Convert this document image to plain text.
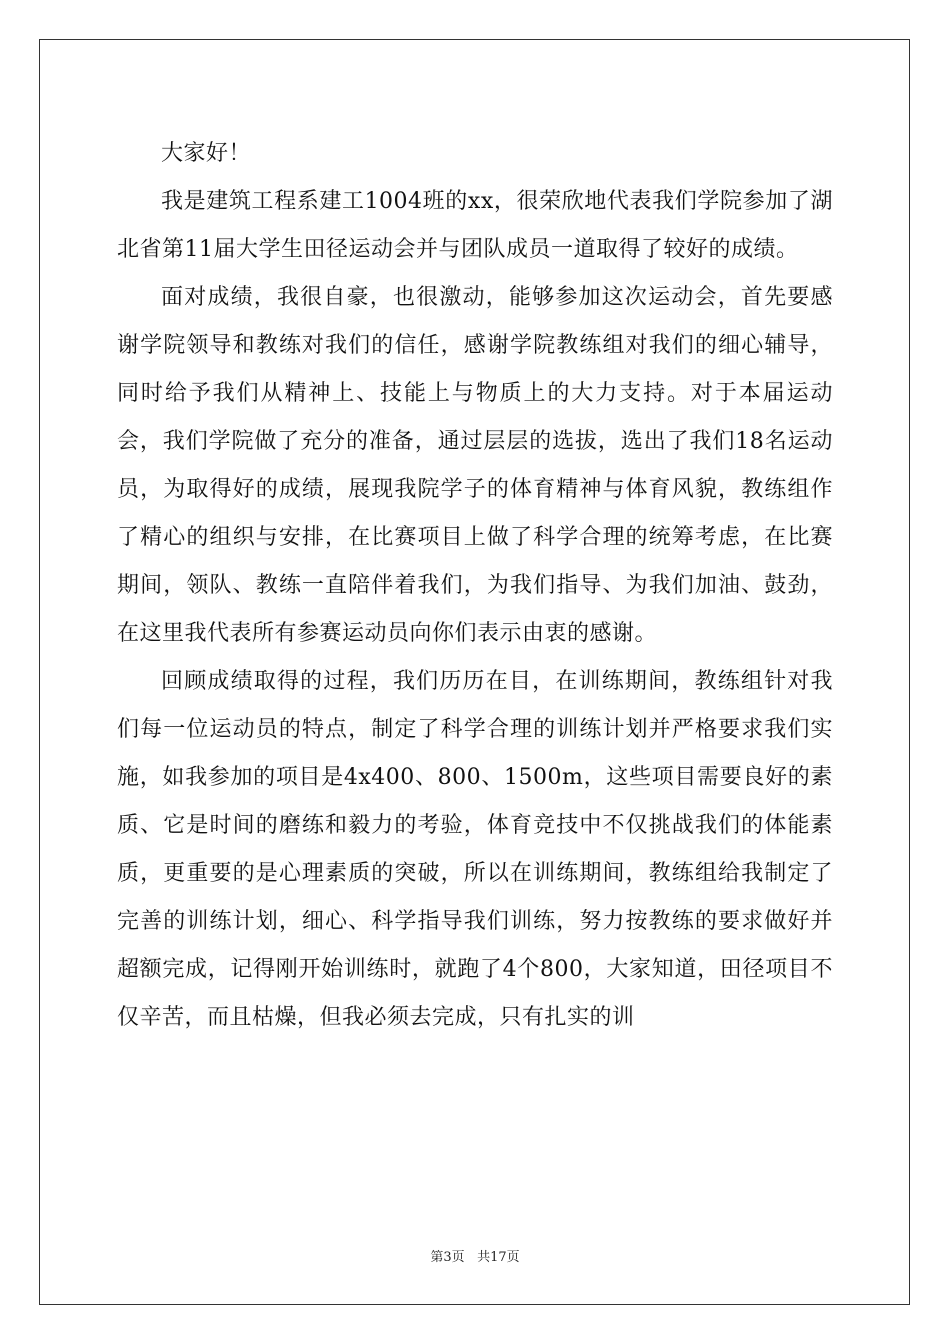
大家好！

我是建筑工程系建工1004班的xx，很荣欣地代表我们学院参加了湖北省第11届大学生田径运动会并与团队成员一道取得了较好的成绩。

面对成绩，我很自豪，也很激动，能够参加这次运动会，首先要感谢学院领导和教练对我们的信任，感谢学院教练组对我们的细心辅导，同时给予我们从精神上、技能上与物质上的大力支持。对于本届运动会，我们学院做了充分的准备，通过层层的选拔，选出了我们18名运动员，为取得好的成绩，展现我院学子的体育精神与体育风貌，教练组作了精心的组织与安排，在比赛项目上做了科学合理的统筹考虑，在比赛期间，领队、教练一直陪伴着我们，为我们指导、为我们加油、鼓劲，在这里我代表所有参赛运动员向你们表示由衷的感谢。

回顾成绩取得的过程，我们历历在目，在训练期间，教练组针对我们每一位运动员的特点，制定了科学合理的训练计划并严格要求我们实施，如我参加的项目是4x400、800、1500m，这些项目需要良好的素质、它是时间的磨练和毅力的考验，体育竞技中不仅挑战我们的体能素质，更重要的是心理素质的突破，所以在训练期间，教练组给我制定了完善的训练计划，细心、科学指导我们训练，努力按教练的要求做好并超额完成，记得刚开始训练时，就跑了4个800，大家知道，田径项目不仅辛苦，而且枯燥，但我必须去完成，只有扎实的训

第3页 共17页
